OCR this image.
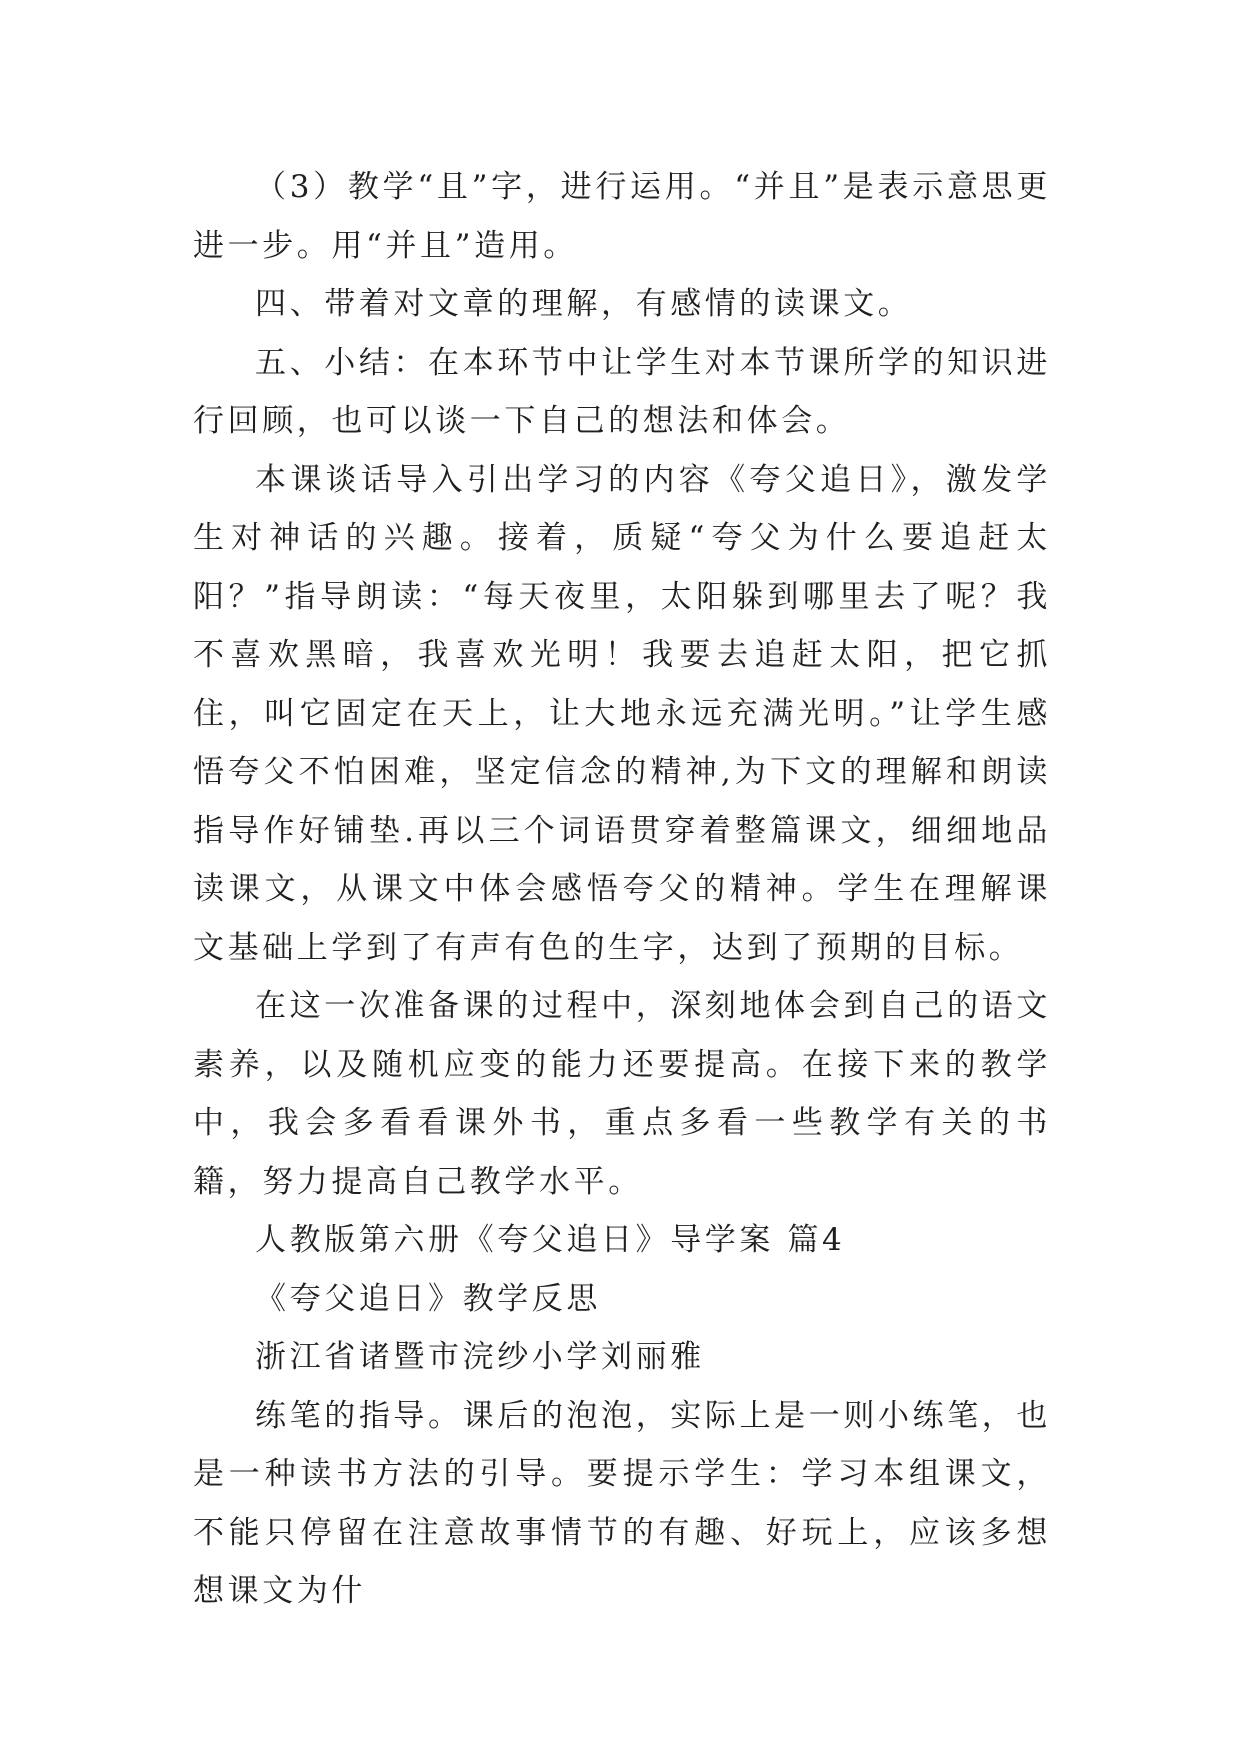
（3）教学“且”字，进行运用。“并且”是表示意思更进一步。用“并且”造用。

四、带着对文章的理解，有感情的读课文。

五、小结：在本环节中让学生对本节课所学的知识进行回顾，也可以谈一下自己的想法和体会。

本课谈话导入引出学习的内容《夸父追日》，激发学生对神话的兴趣。接着，质疑“夸父为什么要追赶太阳？”指导朗读：“每天夜里，太阳躲到哪里去了呢？我不喜欢黑暗，我喜欢光明！我要去追赶太阳，把它抓住，叫它固定在天上，让大地永远充满光明。”让学生感悟夸父不怕困难，坚定信念的精神,为下文的理解和朗读指导作好铺垫.再以三个词语贯穿着整篇课文，细细地品读课文，从课文中体会感悟夸父的精神。学生在理解课文基础上学到了有声有色的生字，达到了预期的目标。

在这一次准备课的过程中，深刻地体会到自己的语文素养，以及随机应变的能力还要提高。在接下来的教学中，我会多看看课外书，重点多看一些教学有关的书籍，努力提高自己教学水平。

人教版第六册《夸父追日》导学案 篇4

《夸父追日》教学反思

浙江省诸暨市浣纱小学刘丽雅

练笔的指导。课后的泡泡，实际上是一则小练笔，也是一种读书方法的引导。要提示学生：学习本组课文，不能只停留在注意故事情节的有趣、好玩上，应该多想想课文为什
